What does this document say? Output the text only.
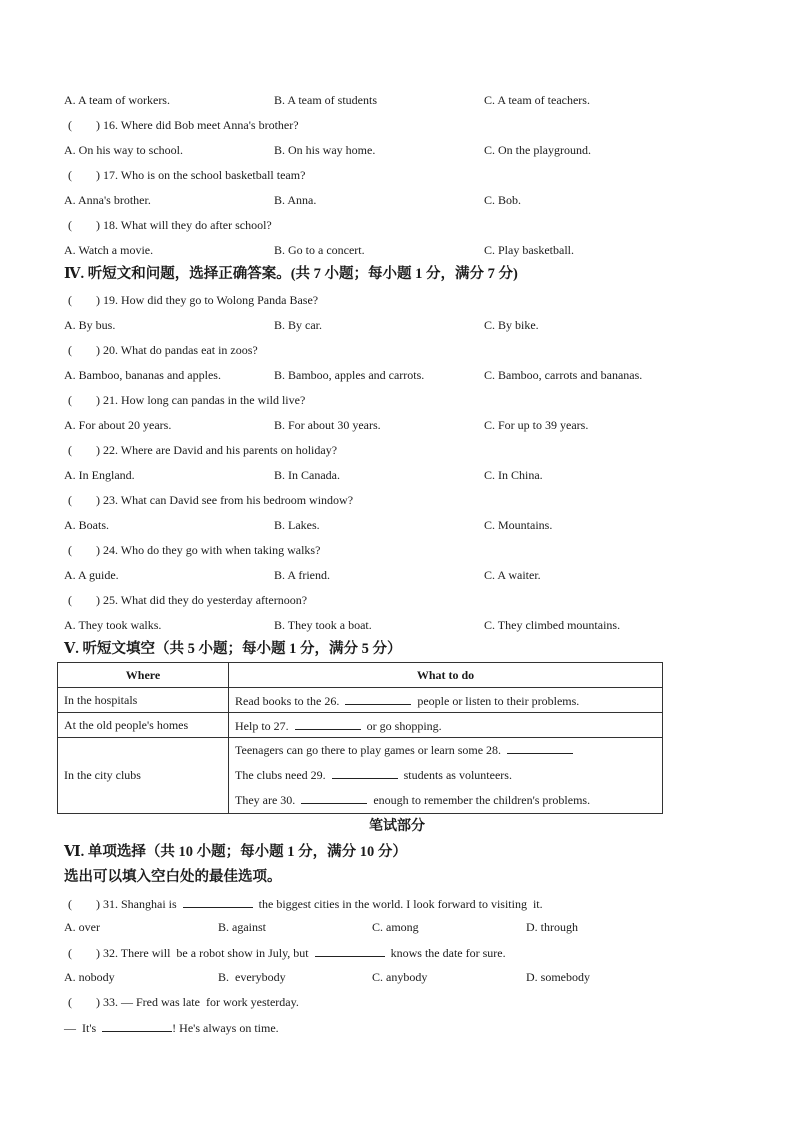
A. A team of workers.	B. A team of students	C. A team of teachers.
(        ) 16. Where did Bob meet Anna's brother?
A. On his way to school.	B. On his way home.	C. On the playground.
(        ) 17. Who is on the school basketball team?
A. Anna's brother.	B. Anna.	C. Bob.
(        ) 18. What will they do after school?
A. Watch a movie.	B. Go to a concert.	C. Play basketball.
Ⅳ. 听短文和问题，选择正确答案。(共 7 小题；每小题 1 分，满分 7 分)
(        ) 19. How did they go to Wolong Panda Base?
A. By bus.	B. By car.	C. By bike.
(        ) 20. What do pandas eat in zoos?
A. Bamboo, bananas and apples.	B. Bamboo, apples and carrots.	C. Bamboo, carrots and bananas.
(        ) 21. How long can pandas in the wild live?
A. For about 20 years.	B. For about 30 years.	C. For up to 39 years.
(        ) 22. Where are David and his parents on holiday?
A. In England.	B. In Canada.	C. In China.
(        ) 23. What can David see from his bedroom window?
A. Boats.	B. Lakes.	C. Mountains.
(        ) 24. Who do they go with when taking walks?
A. A guide.	B. A friend.	C. A waiter.
(        ) 25. What did they do yesterday afternoon?
A. They took walks.	B. They took a boat.	C. They climbed mountains.
Ⅴ. 听短文填空（共 5 小题；每小题 1 分，满分 5 分）
Where	What to do
In the hospitals	Read books to the 26. people or listen to their problems.
At the old people's homes	Help to 27. or go shopping.
In the city clubs	Teenagers can go there to play games or learn some 28.
The clubs need 29. students as volunteers.
They are 30. enough to remember the children's problems.
笔试部分
Ⅵ. 单项选择（共 10 小题；每小题 1 分，满分 10 分）
选出可以填入空白处的最佳选项。
(        ) 31. Shanghai is	the biggest cities in the world. I look forward to visiting  it.
A. over	B. against	C. among	D. through
(        ) 32. There will  be a robot show in July, but	knows the date for sure.
A. nobody	B.  everybody	C. anybody	D. somebody
(        ) 33. — Fred was late  for work yesterday.
—  It's	! He's always on time.
